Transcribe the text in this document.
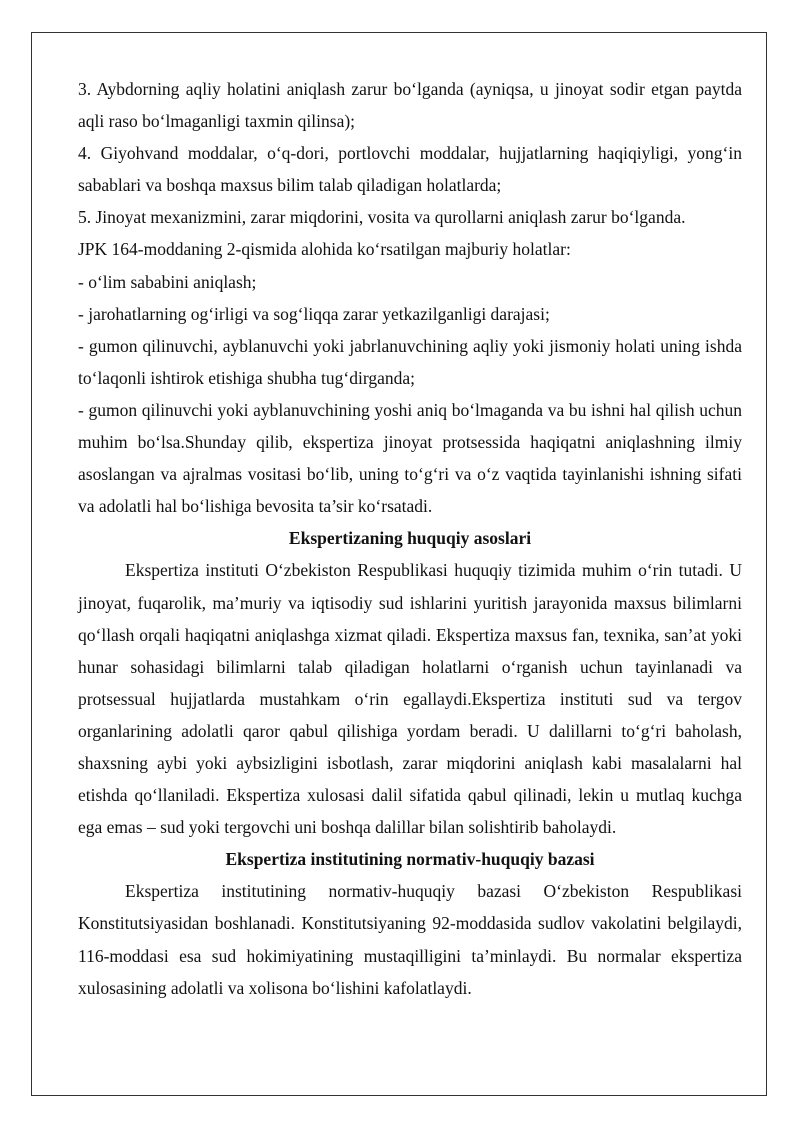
3. Aybdorning aqliy holatini aniqlash zarur bo‘lganda (ayniqsa, u jinoyat sodir etgan paytda aqli raso bo‘lmaganligi taxmin qilinsa);

4. Giyohvand moddalar, o‘q-dori, portlovchi moddalar, hujjatlarning haqiqiyligi, yong‘in sabablari va boshqa maxsus bilim talab qiladigan holatlarda;

5. Jinoyat mexanizmini, zarar miqdorini, vosita va qurollarni aniqlash zarur bo‘lganda.

JPK 164-moddaning 2-qismida alohida ko‘rsatilgan majburiy holatlar:

- o‘lim sababini aniqlash;

- jarohatlarning og‘irligi va sog‘liqqa zarar yetkazilganligi darajasi;

- gumon qilinuvchi, ayblanuvchi yoki jabrlanuvchining aqliy yoki jismoniy holati uning ishda to‘laqonli ishtirok etishiga shubha tug‘dirganda;

- gumon qilinuvchi yoki ayblanuvchining yoshi aniq bo‘lmaganda va bu ishni hal qilish uchun muhim bo‘lsa.Shunday qilib, ekspertiza jinoyat protsessida haqiqatni aniqlashning ilmiy asoslangan va ajralmas vositasi bo‘lib, uning to‘g‘ri va o‘z vaqtida tayinlanishi ishning sifati va adolatli hal bo‘lishiga bevosita ta’sir ko‘rsatadi.

Ekspertizaning huquqiy asoslari

Ekspertiza instituti O‘zbekiston Respublikasi huquqiy tizimida muhim o‘rin tutadi. U jinoyat, fuqarolik, ma’muriy va iqtisodiy sud ishlarini yuritish jarayonida maxsus bilimlarni qo‘llash orqali haqiqatni aniqlashga xizmat qiladi. Ekspertiza maxsus fan, texnika, san’at yoki hunar sohasidagi bilimlarni talab qiladigan holatlarni o‘rganish uchun tayinlanadi va protsessual hujjatlarda mustahkam o‘rin egallaydi.Ekspertiza instituti sud va tergov organlarining adolatli qaror qabul qilishiga yordam beradi. U dalillarni to‘g‘ri baholash, shaxsning aybi yoki aybsizligini isbotlash, zarar miqdorini aniqlash kabi masalalarni hal etishda qo‘llaniladi. Ekspertiza xulosasi dalil sifatida qabul qilinadi, lekin u mutlaq kuchga ega emas – sud yoki tergovchi uni boshqa dalillar bilan solishtirib baholaydi.

Ekspertiza institutining normativ-huquqiy bazasi

Ekspertiza institutining normativ-huquqiy bazasi O‘zbekiston Respublikasi Konstitutsiyasidan boshlanadi. Konstitutsiyaning 92-moddasida sudlov vakolatini belgilaydi, 116-moddasi esa sud hokimiyatining mustaqilligini ta’minlaydi. Bu normalar ekspertiza xulosasining adolatli va xolisona bo‘lishini kafolatlaydi.
